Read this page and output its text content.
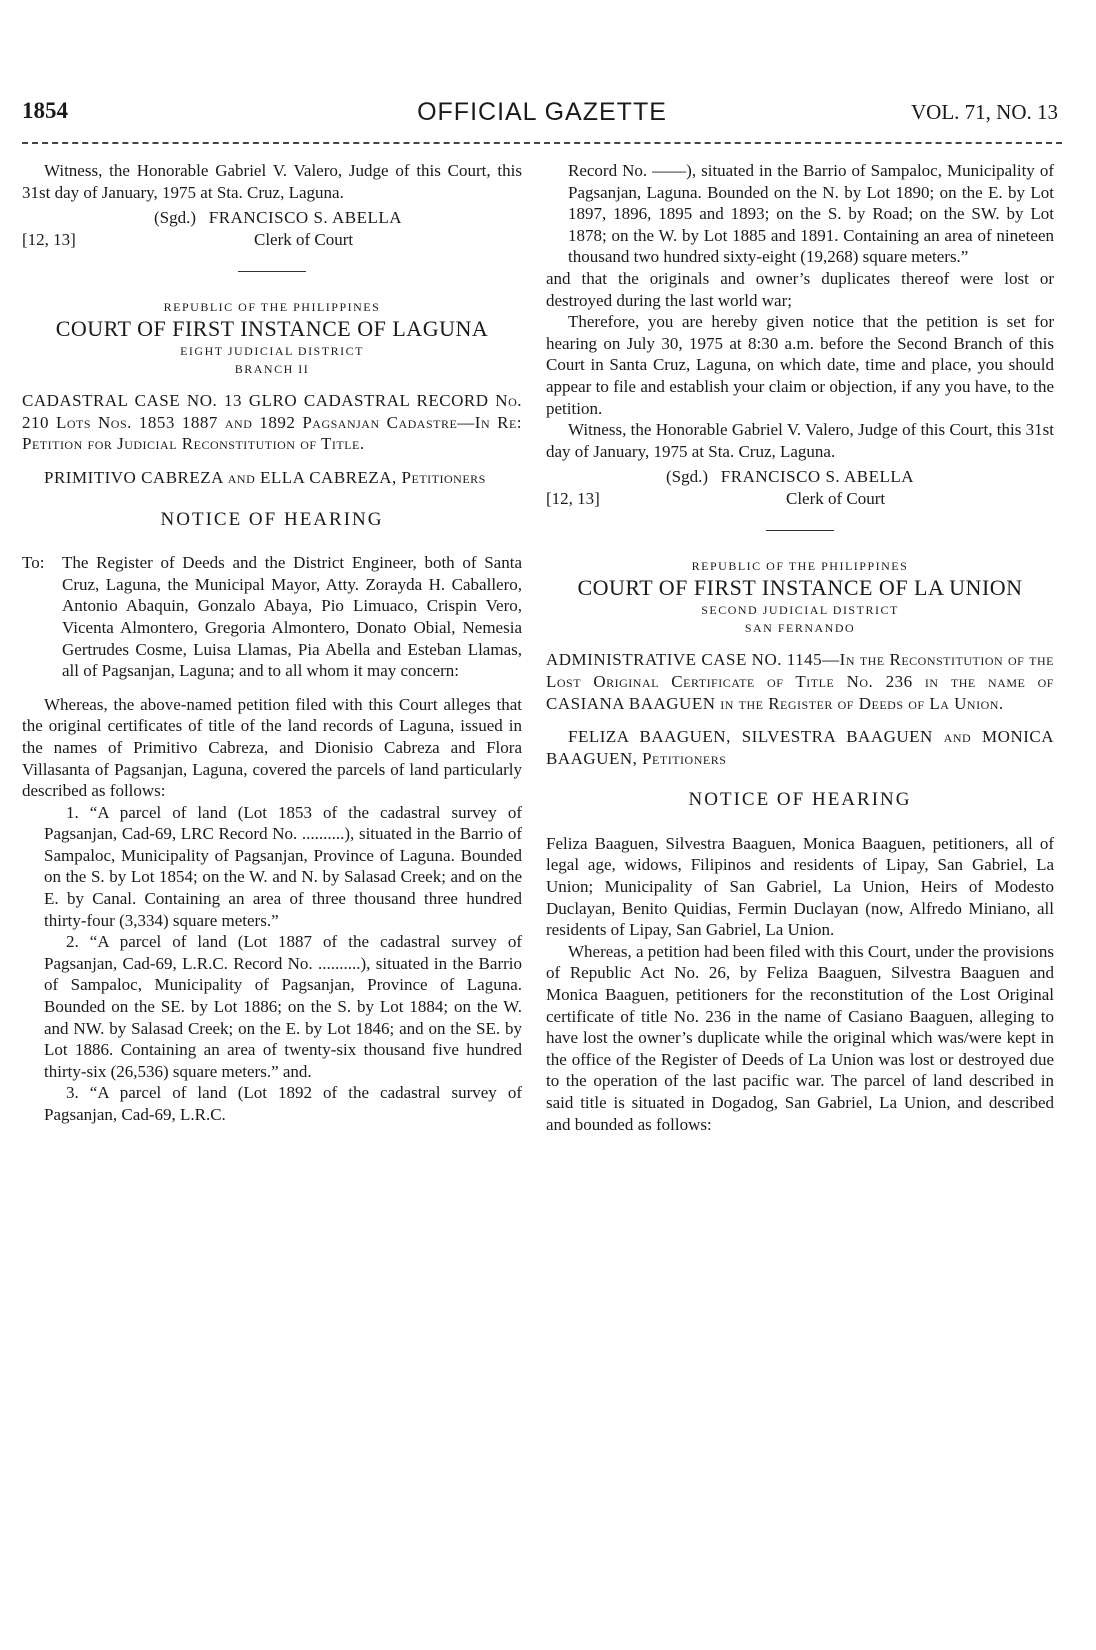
1854	OFFICIAL GAZETTE	VOL. 71, NO. 13

Witness, the Honorable Gabriel V. Valero, Judge of this Court, this 31st day of January, 1975 at Sta. Cruz, Laguna.

(Sgd.) FRANCISCO S. ABELLA
[12, 13]	Clerk of Court
REPUBLIC OF THE PHILIPPINES
COURT OF FIRST INSTANCE OF LAGUNA
EIGHT JUDICIAL DISTRICT
BRANCH II

CADASTRAL CASE NO. 13 GLRO CADASTRAL RECORD No. 210 Lots Nos. 1853 1887 and 1892 Pagsanjan Cadastre—In Re: Petition for Judicial Reconstitution of Title.

PRIMITIVO CABREZA and ELLA CABREZA, Petitioners

NOTICE OF HEARING
To:	The Register of Deeds and the District Engineer, both of Santa Cruz, Laguna, the Municipal Mayor, Atty. Zorayda H. Caballero, Antonio Abaquin, Gonzalo Abaya, Pio Limuaco, Crispin Vero, Vicenta Almontero, Gregoria Almontero, Donato Obial, Nemesia Gertrudes Cosme, Luisa Llamas, Pia Abella and Esteban Llamas, all of Pagsanjan, Laguna; and to all whom it may concern:

Whereas, the above-named petition filed with this Court alleges that the original certificates of title of the land records of Laguna, issued in the names of Primitivo Cabreza, and Dionisio Cabreza and Flora Villasanta of Pagsanjan, Laguna, covered the parcels of land particularly described as follows:

1. “A parcel of land (Lot 1853 of the cadastral survey of Pagsanjan, Cad-69, LRC Record No. ..........), situated in the Barrio of Sampaloc, Municipality of Pagsanjan, Province of Laguna. Bounded on the S. by Lot 1854; on the W. and N. by Salasad Creek; and on the E. by Canal. Containing an area of three thousand three hundred thirty-four (3,334) square meters.”

2. “A parcel of land (Lot 1887 of the cadastral survey of Pagsanjan, Cad-69, L.R.C. Record No. ..........), situated in the Barrio of Sampaloc, Municipality of Pagsanjan, Province of Laguna. Bounded on the SE. by Lot 1886; on the S. by Lot 1884; on the W. and NW. by Salasad Creek; on the E. by Lot 1846; and on the SE. by Lot 1886. Containing an area of twenty-six thousand five hundred thirty-six (26,536) square meters.” and.

3. “A parcel of land (Lot 1892 of the cadastral survey of Pagsanjan, Cad-69, L.R.C.

Record No. ——), situated in the Barrio of Sampaloc, Municipality of Pagsanjan, Laguna. Bounded on the N. by Lot 1890; on the E. by Lot 1897, 1896, 1895 and 1893; on the S. by Road; on the SW. by Lot 1878; on the W. by Lot 1885 and 1891. Containing an area of nineteen thousand two hundred sixty-eight (19,268) square meters.”

and that the originals and owner’s duplicates thereof were lost or destroyed during the last world war;

Therefore, you are hereby given notice that the petition is set for hearing on July 30, 1975 at 8:30 a.m. before the Second Branch of this Court in Santa Cruz, Laguna, on which date, time and place, you should appear to file and establish your claim or objection, if any you have, to the petition.

Witness, the Honorable Gabriel V. Valero, Judge of this Court, this 31st day of January, 1975 at Sta. Cruz, Laguna.

(Sgd.) FRANCISCO S. ABELLA
[12, 13]	Clerk of Court
REPUBLIC OF THE PHILIPPINES
COURT OF FIRST INSTANCE OF LA UNION
SECOND JUDICIAL DISTRICT
SAN FERNANDO

ADMINISTRATIVE CASE NO. 1145—In the Reconstitution of the Lost Original Certificate of Title No. 236 in the name of CASIANA BAAGUEN in the Register of Deeds of La Union.

FELIZA BAAGUEN, SILVESTRA BAAGUEN and MONICA BAAGUEN, Petitioners

NOTICE OF HEARING

Feliza Baaguen, Silvestra Baaguen, Monica Baaguen, petitioners, all of legal age, widows, Filipinos and residents of Lipay, San Gabriel, La Union; Municipality of San Gabriel, La Union, Heirs of Modesto Duclayan, Benito Quidias, Fermin Duclayan (now, Alfredo Miniano, all residents of Lipay, San Gabriel, La Union.

Whereas, a petition had been filed with this Court, under the provisions of Republic Act No. 26, by Feliza Baaguen, Silvestra Baaguen and Monica Baaguen, petitioners for the reconstitution of the Lost Original certificate of title No. 236 in the name of Casiano Baaguen, alleging to have lost the owner’s duplicate while the original which was/were kept in the office of the Register of Deeds of La Union was lost or destroyed due to the operation of the last pacific war. The parcel of land described in said title is situated in Dogadog, San Gabriel, La Union, and described and bounded as follows:
